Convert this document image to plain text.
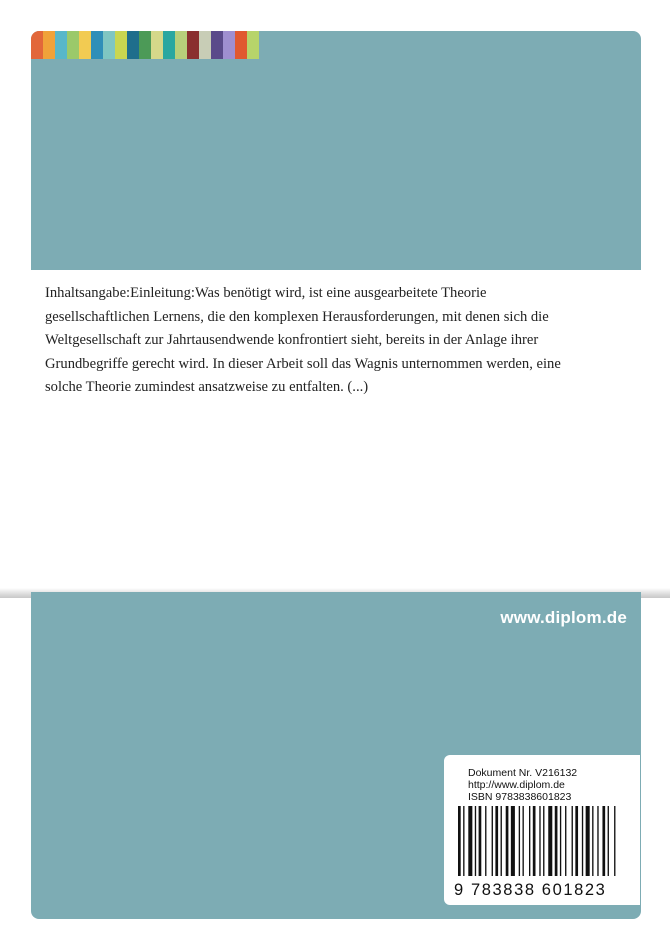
Inhaltsangabe:Einleitung:Was benötigt wird, ist eine ausgearbeitete Theorie
gesellschaftlichen Lernens, die den komplexen Herausforderungen, mit denen sich die
Weltgesellschaft zur Jahrtausendwende konfrontiert sieht, bereits in der Anlage ihrer
Grundbegriffe gerecht wird. In dieser Arbeit soll das Wagnis unternommen werden, eine
solche Theorie zumindest ansatzweise zu entfalten. (...)

www.diplom.de
Dokument Nr. V216132
http://www.diplom.de
ISBN 9783838601823
9 783838 601823
